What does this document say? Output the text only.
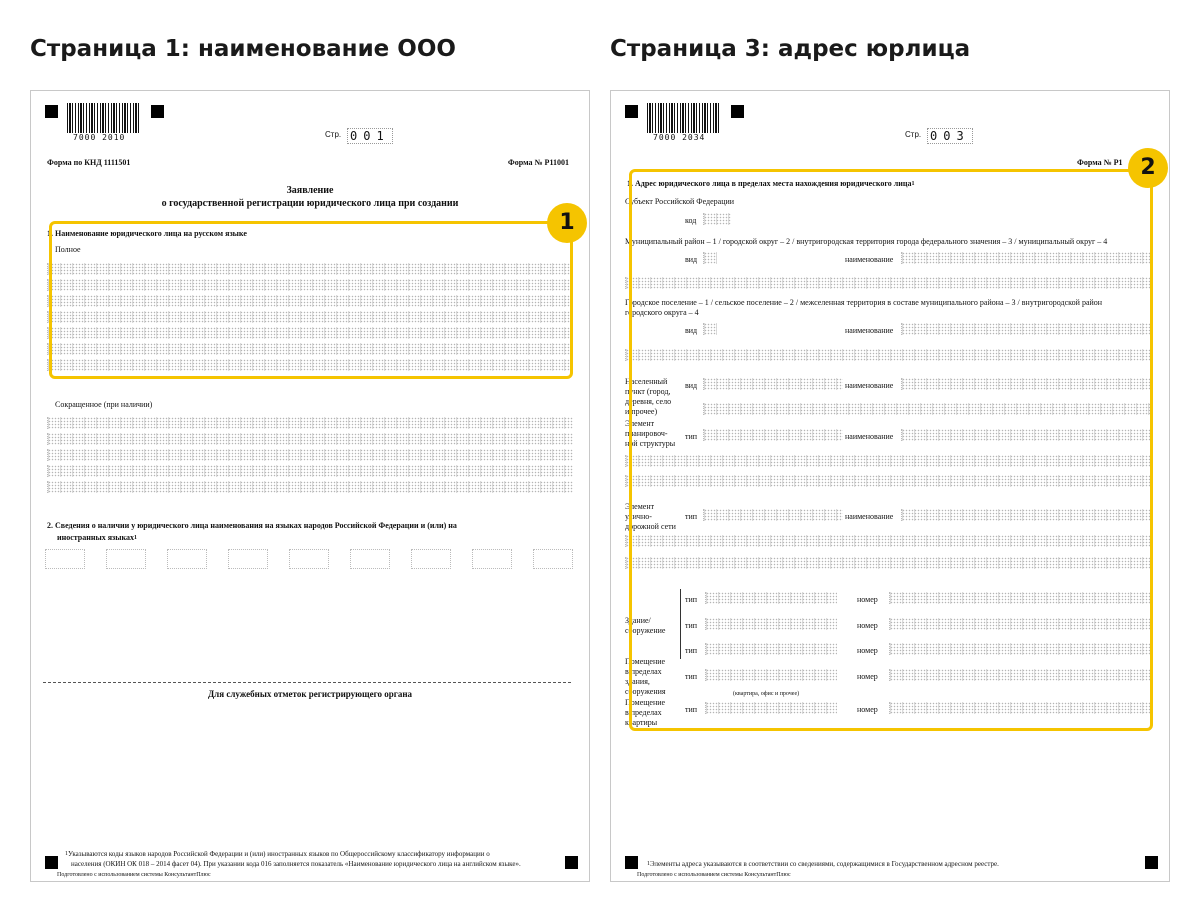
Страница 1: наименование ООО	Страница 3: адрес юрлица
7000 2010	Стр. 001
Форма по КНД 1111501	Форма № Р11001
Заявление
о государственной регистрации юридического лица при создании
1. Наименование юридического лица на русском языке
Полное
1
Сокращенное (при наличии)
2. Сведения о наличии у юридического лица наименования на языках народов Российской Федерации и (или) на
иностранных языках$^1$
Для служебных отметок регистрирующего органа
1Указываются коды языков народов Российской Федерации и (или) иностранных языков по Общероссийскому классификатору информации о
населения (ОКИН ОК 018 – 2014 фасет 04). При указании кода 016 заполняется показатель «Наименование юридического лица на английском языке».
Подготовлено с использованием системы КонсультантПлюс
7000 2034	Стр. 003
Форма № Р1
1. Адрес юридического лица в пределах места нахождения юридического лица$^1$
Субъект Российской Федерации
код
Муниципальный район – 1 / городской округ – 2 / внутригородская территория города федерального значения – 3 / муниципальный округ – 4
вид	наименование
Городское поселение – 1 / сельское поселение – 2 / межселенная территория в составе муниципального района – 3 / внутригородской район
городского округа – 4
вид	наименование
Населенный
пункт (город,
деревня, село
и прочее)
вид	наименование
Элемент
планировоч-
ной структуры
тип	наименование
Элемент
улично-
дорожной сети
тип	наименование
Здание/
сооружение
тип	номер
тип	номер
тип	номер
Помещение
в пределах
здания,
сооружения
тип	номер
(квартира, офис и прочее)
Помещение
в пределах
квартиры
тип	номер
2
1Элементы адреса указываются в соответствии со сведениями, содержащимися в Государственном адресном реестре.
Подготовлено с использованием системы КонсультантПлюс
